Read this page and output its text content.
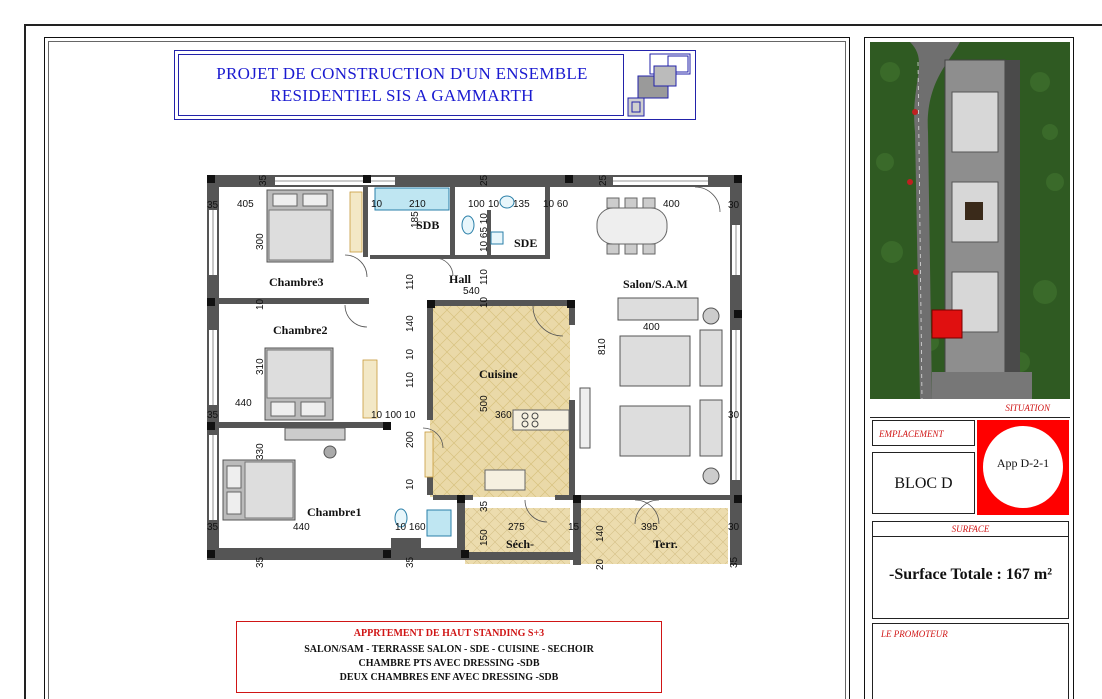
PROJET DE CONSTRUCTION D'UN ENSEMBLE
RESIDENTIEL SIS A GAMMARTH
35 405	10	210	100 10 135 10 60	400	30
35	25	25
185	10 65 10
300
110	110
540
10
10
400
140
10	810
310
110
440
35	10 100 10
500
360	30
330
200
10
35
35	440	10 160	275	15	395	30
150	140
20
35	35	35
SDB
SDE
Hall	Salon/S.A.M
Chambre3
Chambre2
Chambre1
Cuisine
Séch-	Terr.
APPRTEMENT DE HAUT STANDING S+3
SALON/SAM - TERRASSE SALON - SDE - CUISINE - SECHOIR
CHAMBRE PTS AVEC DRESSING -SDB
DEUX CHAMBRES ENF AVEC DRESSING -SDB
SITUATION
EMPLACEMENT
BLOC D
App D-2-1
SURFACE
-Surface Totale : 167 m²
LE PROMOTEUR
